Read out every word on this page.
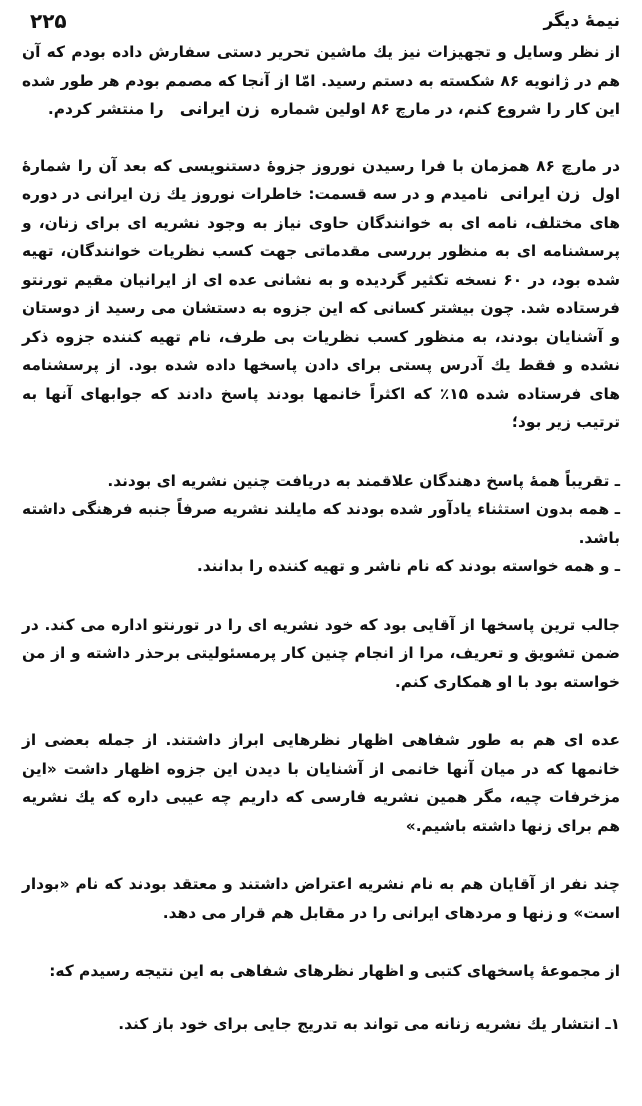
نیمهٔ دیگر
۲۲۵

از نظر وسایل و تجهیزات نیز یك ماشین تحریر دستی سفارش داده بودم که آن هم در ژانویه ۸۶ شکسته به دستم رسید. امّا از آنجا که مصمم بودم هر طور شده این کار را شروع کنم، در مارچ ۸۶ اولین شماره  زن ایرانی   را منتشر کردم.

در مارچ ۸۶ همزمان با فرا رسیدن نوروز جزوهٔ دستنویسی که بعد آن را شمارهٔ اول  زن ایرانی  نامیدم و در سه قسمت: خاطرات نوروز یك زن ایرانی در دوره های مختلف، نامه ای به خوانندگان حاوی نیاز به وجود نشریه ای برای زنان، و پرسشنامه ای به منظور بررسی مقدماتی جهت کسب نظریات خوانندگان، تهیه شده بود، در ۶۰ نسخه تکثیر گردیده و به نشانی عده ای از ایرانیان مقیم تورنتو فرستاده شد. چون بیشتر کسانی که این جزوه به دستشان می رسید از دوستان و آشنایان بودند، به منظور کسب نظریات بی طرف، نام تهیه کننده جزوه ذکر نشده و فقط یك آدرس پستی برای دادن پاسخها داده شده بود. از پرسشنامه های فرستاده شده ۱۵٪ که اکثراً خانمها بودند پاسخ دادند که جوابهای آنها به ترتیب زیر بود؛

ـ تقریباً همهٔ پاسخ دهندگان علاقمند به دریافت چنین نشریه ای بودند.

ـ همه بدون استثناء یادآور شده بودند که مایلند نشریه صرفاً جنبه فرهنگی داشته باشد.

ـ و همه خواسته بودند که نام ناشر و تهیه کننده را بدانند.

جالب ترین پاسخها از آقایی بود که خود نشریه ای را در تورنتو اداره می کند. در ضمن تشویق و تعریف، مرا از انجام چنین کار پرمسئولیتی برحذر داشته و از من خواسته بود با او همکاری کنم.

عده ای هم به طور شفاهی اظهار نظرهایی ابراز داشتند. از جمله بعضی از خانمها که در میان آنها خانمی از آشنایان با دیدن این جزوه اظهار داشت «این مزخرفات چیه، مگر همین نشریه فارسی که داریم چه عیبی داره که یك نشریه هم برای زنها داشته باشیم.»

چند نفر از آقایان هم به نام نشریه اعتراض داشتند و معتقد بودند که نام «بودار است» و زنها و مردهای ایرانی را در مقابل هم قرار می دهد.

از مجموعهٔ پاسخهای کتبی و اظهار نظرهای شفاهی به این نتیجه رسیدم که:

۱ـ انتشار یك نشریه زنانه می تواند به تدریج جایی برای خود باز کند.
